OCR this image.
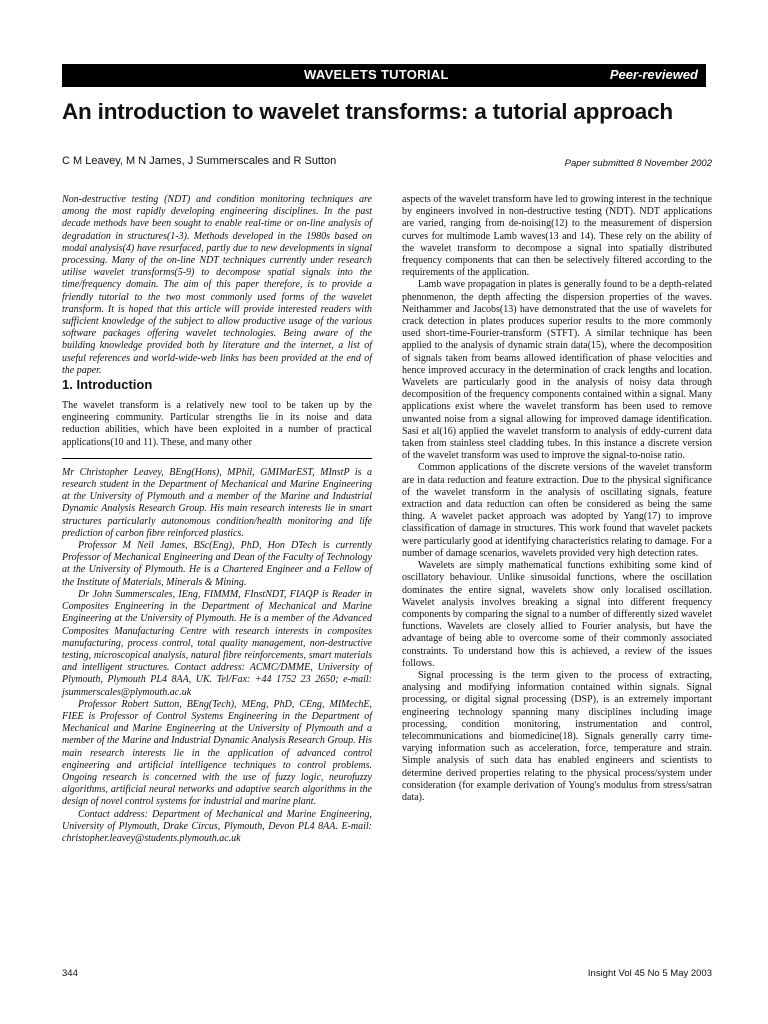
WAVELETS TUTORIAL	Peer-reviewed
An introduction to wavelet transforms: a tutorial approach
C M Leavey, M N James, J Summerscales and R Sutton	Paper submitted 8 November 2002

Non-destructive testing (NDT) and condition monitoring techniques are among the most rapidly developing engineering disciplines. In the past decade methods have been sought to enable real-time or on-line analysis of degradation in structures(1-3). Methods developed in the 1980s based on modal analysis(4) have resurfaced, partly due to new developments in signal processing. Many of the on-line NDT techniques currently under research utilise wavelet transforms(5-9) to decompose spatial signals into the time/frequency domain. The aim of this paper therefore, is to provide a friendly tutorial to the two most commonly used forms of the wavelet transform. It is hoped that this article will provide interested readers with sufficient knowledge of the subject to allow productive usage of the various software packages offering wavelet technologies. Being aware of the building knowledge provided both by literature and the internet, a list of useful references and world-wide-web links has been provided at the end of the paper.

1. Introduction

The wavelet transform is a relatively new tool to be taken up by the engineering community. Particular strengths lie in its noise and data reduction abilities, which have been exploited in a number of practical applications(10 and 11). These, and many other

Mr Christopher Leavey, BEng(Hons), MPhil, GMIMarEST, MInstP is a research student in the Department of Mechanical and Marine Engineering at the University of Plymouth and a member of the Marine and Industrial Dynamic Analysis Research Group. His main research interests lie in smart structures particularly autonomous condition/health monitoring and life prediction of carbon fibre reinforced plastics.

Professor M Neil James, BSc(Eng), PhD, Hon DTech is currently Professor of Mechanical Engineering and Dean of the Faculty of Technology at the University of Plymouth. He is a Chartered Engineer and a Fellow of the Institute of Materials, Minerals & Mining.

Dr John Summerscales, IEng, FIMMM, FInstNDT, FIAQP is Reader in Composites Engineering in the Department of Mechanical and Marine Engineering at the University of Plymouth. He is a member of the Advanced Composites Manufacturing Centre with research interests in composites manufacturing, process control, total quality management, non-destructive testing, microscopical analysis, natural fibre reinforcements, smart materials and intelligent structures. Contact address: ACMC/DMME, University of Plymouth, Plymouth PL4 8AA, UK. Tel/Fax: +44 1752 23 2650; e-mail: jsummerscales@plymouth.ac.uk

Professor Robert Sutton, BEng(Tech), MEng, PhD, CEng, MIMechE, FIEE is Professor of Control Systems Engineering in the Department of Mechanical and Marine Engineering at the University of Plymouth and a member of the Marine and Industrial Dynamic Analysis Research Group. His main research interests lie in the application of advanced control engineering and artificial intelligence techniques to control problems. Ongoing research is concerned with the use of fuzzy logic, neurofuzzy algorithms, artificial neural networks and adaptive search algorithms in the design of novel control systems for industrial and marine plant.

Contact address: Department of Mechanical and Marine Engineering, University of Plymouth, Drake Circus, Plymouth, Devon PL4 8AA. E-mail: christopher.leavey@students.plymouth.ac.uk

aspects of the wavelet transform have led to growing interest in the technique by engineers involved in non-destructive testing (NDT). NDT applications are varied, ranging from de-noising(12) to the measurement of dispersion curves for multimode Lamb waves(13 and 14). These rely on the ability of the wavelet transform to decompose a signal into spatially distributed frequency components that can then be selectively filtered according to the requirements of the application.

Lamb wave propagation in plates is generally found to be a depth-related phenomenon, the depth affecting the dispersion properties of the waves. Neithammer and Jacobs(13) have demonstrated that the use of wavelets for crack detection in plates produces superior results to the more commonly used short-time-Fourier-transform (STFT). A similar technique has been applied to the analysis of dynamic strain data(15), where the decomposition of signals taken from beams allowed identification of phase velocities and hence improved accuracy in the determination of crack lengths and location. Wavelets are particularly good in the analysis of noisy data through decomposition of the frequency components contained within a signal. Many applications exist where the wavelet transform has been used to remove unwanted noise from a signal allowing for improved damage identification. Sasi et al(16) applied the wavelet transform to analysis of eddy-current data taken from stainless steel cladding tubes. In this instance a discrete version of the wavelet transform was used to improve the signal-to-noise ratio.

Common applications of the discrete versions of the wavelet transform are in data reduction and feature extraction. Due to the physical significance of the wavelet transform in the analysis of oscillating signals, feature extraction and data reduction can often be considered as being the same thing. A wavelet packet approach was adopted by Yang(17) to improve classification of damage in structures. This work found that wavelet packets were particularly good at identifying characteristics relating to damage. For a number of damage scenarios, wavelets provided very high detection rates.

Wavelets are simply mathematical functions exhibiting some kind of oscillatory behaviour. Unlike sinusoidal functions, where the oscillation dominates the entire signal, wavelets show only localised oscillation. Wavelet analysis involves breaking a signal into different frequency components by comparing the signal to a number of differently sized wavelet functions. Wavelets are closely allied to Fourier analysis, but have the advantage of being able to overcome some of their commonly associated constraints. To understand how this is achieved, a review of the issues follows.

Signal processing is the term given to the process of extracting, analysing and modifying information contained within signals. Signal processing, or digital signal processing (DSP), is an extremely important engineering technology spanning many disciplines including image processing, condition monitoring, instrumentation and control, telecommunications and biomedicine(18). Signals generally carry time-varying information such as acceleration, force, temperature and strain. Simple analysis of such data has enabled engineers and scientists to determine derived properties relating to the physical process/system under consideration (for example derivation of Young's modulus from stress/satran data).

344	Insight Vol 45 No 5 May 2003
